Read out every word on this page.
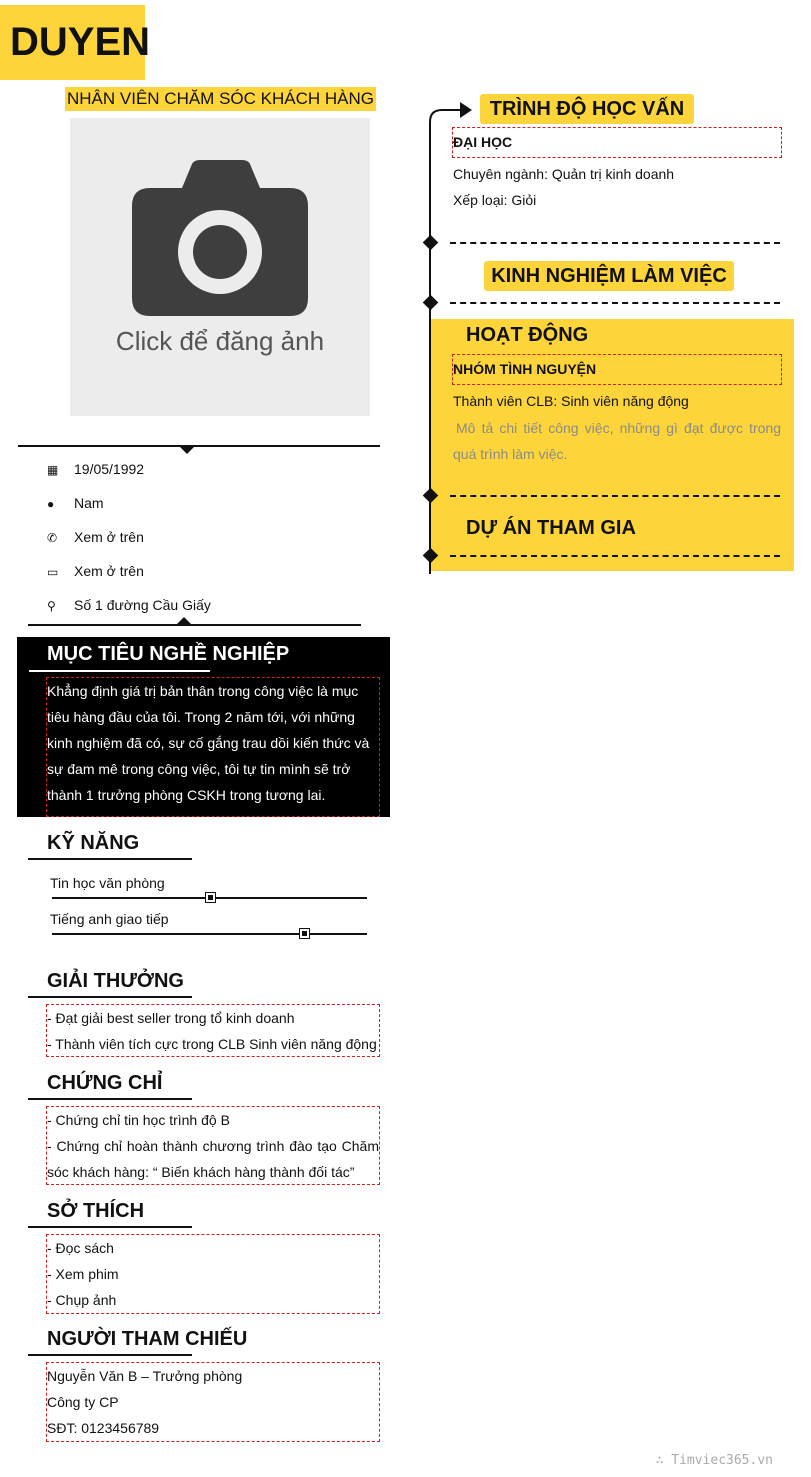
DUYEN
NHÂN VIÊN CHĂM SÓC KHÁCH HÀNG
Click để đăng ảnh
▦ 19/05/1992
● Nam
✆ Xem ở trên
▭ Xem ở trên
⚲ Số 1 đường Cầu Giấy
MỤC TIÊU NGHỀ NGHIỆP
Khẳng định giá trị bản thân trong công việc là mục tiêu hàng đầu của tôi. Trong 2 năm tới, với những kinh nghiệm đã có, sự cố gắng trau dồi kiến thức và sự đam mê trong công việc, tôi tự tin mình sẽ trở thành 1 trưởng phòng CSKH trong tương lai.
KỸ NĂNG
Tin học văn phòng
Tiếng anh giao tiếp
GIẢI THƯỞNG
- Đạt giải best seller trong tổ kinh doanh
- Thành viên tích cực trong CLB Sinh viên năng động
CHỨNG CHỈ
- Chứng chỉ tin học trình độ B
- Chứng chỉ hoàn thành chương trình đào tạo Chăm sóc khách hàng: “ Biến khách hàng thành đối tác”
SỞ THÍCH
- Đọc sách
- Xem phim
- Chụp ảnh
NGƯỜI THAM CHIẾU
Nguyễn Văn B – Trưởng phòng
Công ty CP
SĐT: 0123456789
TRÌNH ĐỘ HỌC VẤN
ĐẠI HỌC
Chuyên ngành: Quản trị kinh doanh
Xếp loại: Giỏi
KINH NGHIỆM LÀM VIỆC
HOẠT ĐỘNG
NHÓM TÌNH NGUYỆN
Thành viên CLB: Sinh viên năng động
Mô tả chi tiết công việc, những gì đạt được trong quá trình làm việc.
DỰ ÁN THAM GIA
∴ Timviec365.vn
